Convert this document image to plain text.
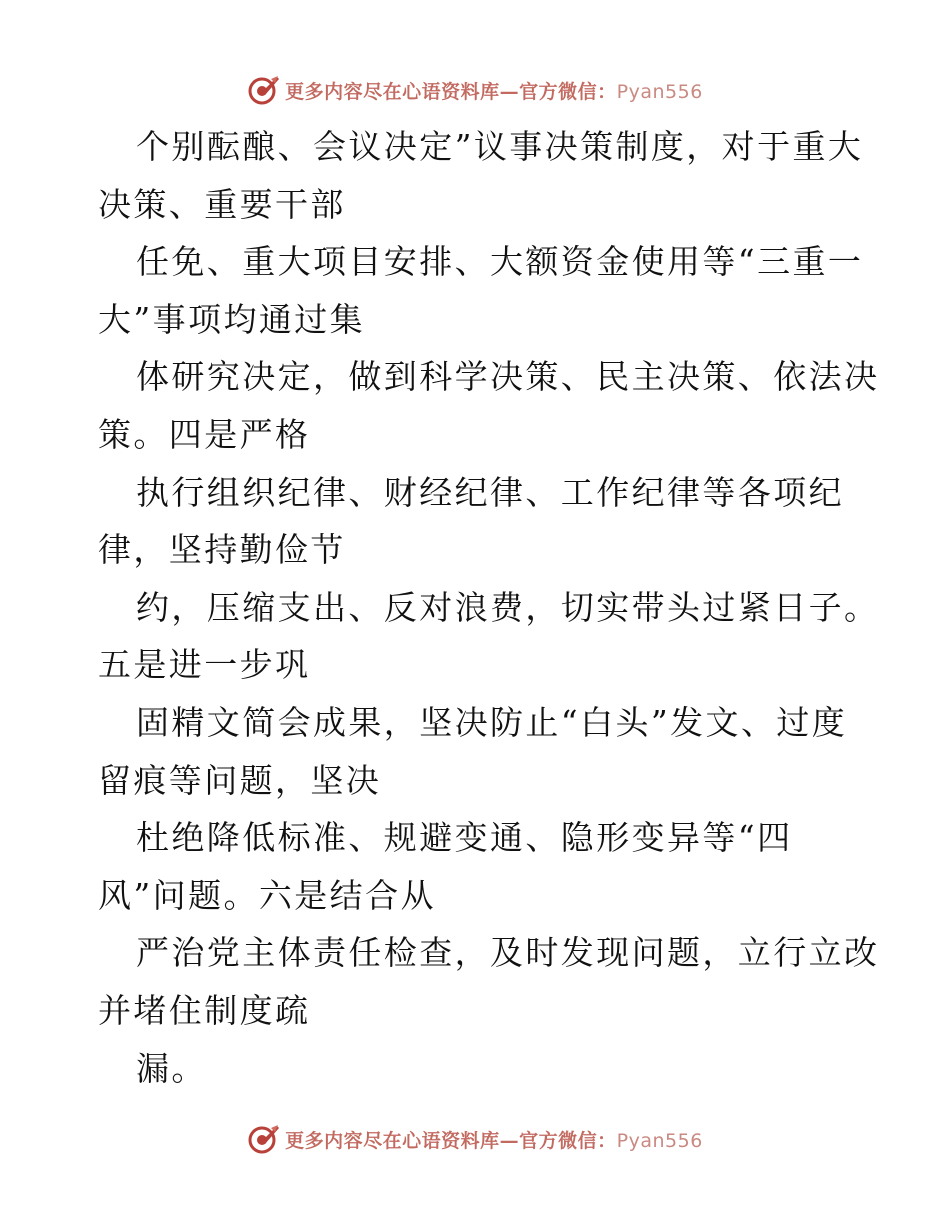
更多内容尽在心语资料库—官方微信：Pyan556
个别酝酿、会议决定”议事决策制度，对于重大
决策、重要干部
任免、重大项目安排、大额资金使用等“三重一
大”事项均通过集
体研究决定，做到科学决策、民主决策、依法决
策。四是严格
执行组织纪律、财经纪律、工作纪律等各项纪
律，坚持勤俭节
约，压缩支出、反对浪费，切实带头过紧日子。
五是进一步巩
固精文简会成果，坚决防止“白头”发文、过度
留痕等问题，坚决
杜绝降低标准、规避变通、隐形变异等“四
风”问题。六是结合从
严治党主体责任检查，及时发现问题，立行立改
并堵住制度疏
漏。
更多内容尽在心语资料库—官方微信：Pyan556
